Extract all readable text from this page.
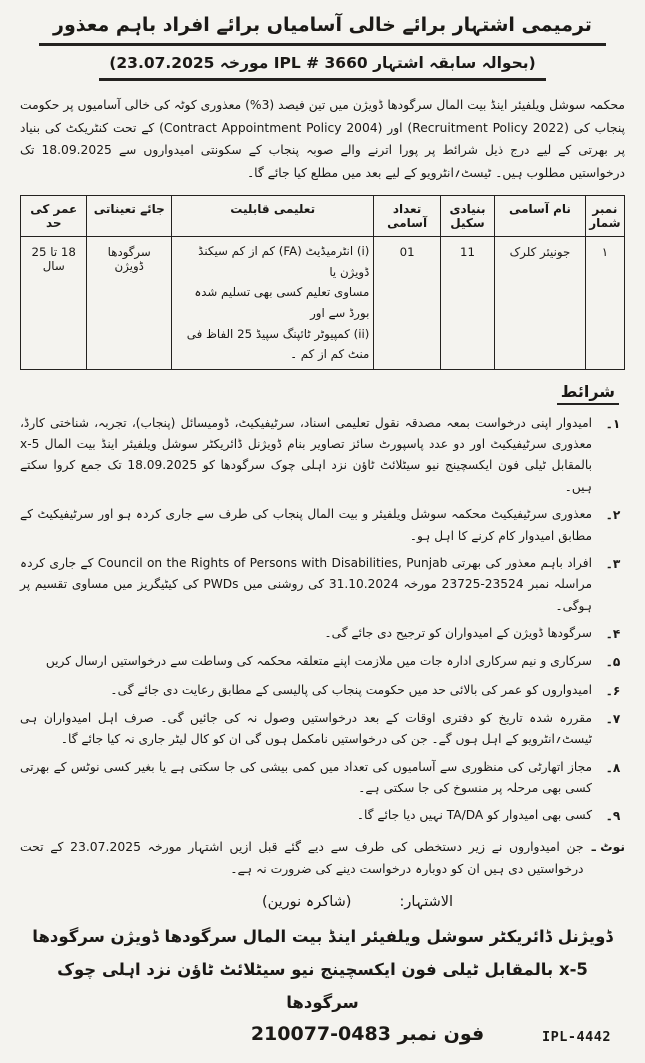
ترمیمی اشتہار برائے خالی آسامیاں برائے افراد باہم معذور
(بحوالہ سابقہ اشتہار IPL # 3660 مورخہ 23.07.2025)

محکمہ سوشل ویلفیئر اینڈ بیت المال سرگودھا ڈویژن میں تین فیصد (3%) معذوری کوٹہ کی خالی آسامیوں پر حکومت پنجاب کی (Recruitment Policy 2022) اور (Contract Appointment Policy 2004) کے تحت کنٹریکٹ کی بنیاد پر بھرتی کے لیے درج ذیل شرائط پر پورا اترنے والے صوبہ پنجاب کے سکونتی امیدواروں سے 18.09.2025 تک درخواستیں مطلوب ہیں۔ ٹیسٹ؍انٹرویو کے لیے بعد میں مطلع کیا جائے گا۔

نمبر شمار	نام آسامی	بنیادی سکیل	تعداد آسامی	تعلیمی قابلیت	جائے تعیناتی	عمر کی حد
۱	جونیئر کلرک	11	01	(i) انٹرمیڈیٹ (FA) کم از کم سیکنڈ ڈویژن یا
مساوی تعلیم کسی بھی تسلیم شدہ بورڈ سے اور
(ii) کمپیوٹر ٹائپنگ سپیڈ 25 الفاظ فی منٹ کم از کم ۔	سرگودھا ڈویژن	18 تا 25 سال
شرائط
۱۔
امیدوار اپنی درخواست بمعہ مصدقہ نقول تعلیمی اسناد، سرٹیفیکیٹ، ڈومیسائل (پنجاب)، تجربہ، شناختی کارڈ، معذوری سرٹیفیکیٹ اور دو عدد پاسپورٹ سائز تصاویر بنام ڈویژنل ڈائریکٹر سوشل ویلفیئر اینڈ بیت المال x-5 بالمقابل ٹیلی فون ایکسچینج نیو سیٹلائٹ ٹاؤن نزد اہلی چوک سرگودھا کو 18.09.2025 تک جمع کروا سکتے ہیں۔
۲۔
معذوری سرٹیفیکیٹ محکمہ سوشل ویلفیئر و بیت المال پنجاب کی طرف سے جاری کردہ ہو اور سرٹیفیکیٹ کے مطابق امیدوار کام کرنے کا اہل ہو۔
۳۔
افراد باہم معذور کی بھرتی Council on the Rights of Persons with Disabilities, Punjab کے جاری کردہ مراسلہ نمبر 23524-23725 مورخہ 31.10.2024 کی روشنی میں PWDs کی کیٹیگریز میں مساوی تقسیم پر ہوگی۔
۴۔
سرگودھا ڈویژن کے امیدواران کو ترجیح دی جائے گی۔
۵۔
سرکاری و نیم سرکاری ادارہ جات میں ملازمت اپنے متعلقہ محکمہ کی وساطت سے درخواستیں ارسال کریں
۶۔
امیدواروں کو عمر کی بالائی حد میں حکومت پنجاب کی پالیسی کے مطابق رعایت دی جائے گی۔
۷۔
مقررہ شدہ تاریخ کو دفتری اوقات کے بعد درخواستیں وصول نہ کی جائیں گی۔ صرف اہل امیدواران ہی ٹیسٹ؍انٹرویو کے اہل ہوں گے۔ جن کی درخواستیں نامکمل ہوں گی ان کو کال لیٹر جاری نہ کیا جائے گا۔
۸۔
مجاز اتھارٹی کی منظوری سے آسامیوں کی تعداد میں کمی بیشی کی جا سکتی ہے یا بغیر کسی نوٹس کے بھرتی کسی بھی مرحلہ پر منسوخ کی جا سکتی ہے۔
۹۔
کسی بھی امیدوار کو TA/DA نہیں دیا جائے گا۔
نوٹ ـ
جن امیدواروں نے زیر دستخطی کی طرف سے دیے گئے قبل ازیں اشتہار مورخہ 23.07.2025 کے تحت درخواستیں دی ہیں ان کو دوبارہ درخواست دینے کی ضرورت نہ ہے۔
الاشتہار:
(شاکرہ نورین)
ڈویژنل ڈائریکٹر سوشل ویلفیئر اینڈ بیت المال سرگودھا ڈویژن سرگودھا
x-5 بالمقابل ٹیلی فون ایکسچینج نیو سیٹلائٹ ٹاؤن نزد اہلی چوک سرگودھا
فون نمبر 0483-210077	IPL-4442
